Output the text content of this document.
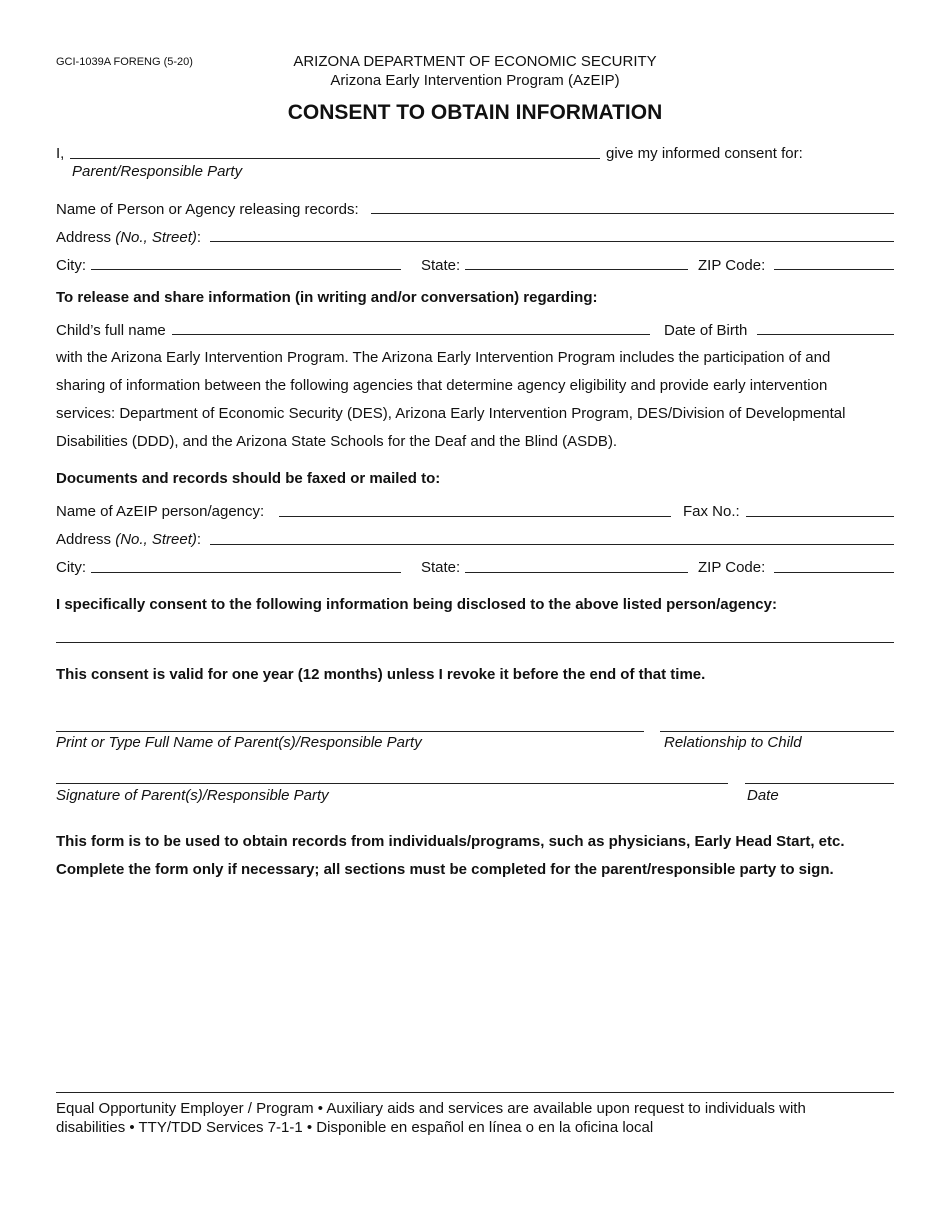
GCI-1039A FORENG (5-20)	ARIZONA DEPARTMENT OF ECONOMIC SECURITY
Arizona Early Intervention Program (AzEIP)
CONSENT TO OBTAIN INFORMATION
I,	give my informed consent for:
Parent/Responsible Party
Name of Person or Agency releasing records:
Address (No., Street):
City:	State:	ZIP Code:
To release and share information (in writing and/or conversation) regarding:
Child’s full name	Date of Birth
with the Arizona Early Intervention Program. The Arizona Early Intervention Program includes the participation of and
sharing of information between the following agencies that determine agency eligibility and provide early intervention
services: Department of Economic Security (DES), Arizona Early Intervention Program, DES/Division of Developmental
Disabilities (DDD), and the Arizona State Schools for the Deaf and the Blind (ASDB).
Documents and records should be faxed or mailed to:
Name of AzEIP person/agency:	Fax No.:
Address (No., Street):
City:	State:	ZIP Code:
I specifically consent to the following information being disclosed to the above listed person/agency:
This consent is valid for one year (12 months) unless I revoke it before the end of that time.
Print or Type Full Name of Parent(s)/Responsible Party	Relationship to Child
Signature of Parent(s)/Responsible Party	Date
This form is to be used to obtain records from individuals/programs, such as physicians, Early Head Start, etc.
Complete the form only if necessary; all sections must be completed for the parent/responsible party to sign.
Equal Opportunity Employer / Program • Auxiliary aids and services are available upon request to individuals with
disabilities • TTY/TDD Services 7-1-1 • Disponible en español en línea o en la oficina local
